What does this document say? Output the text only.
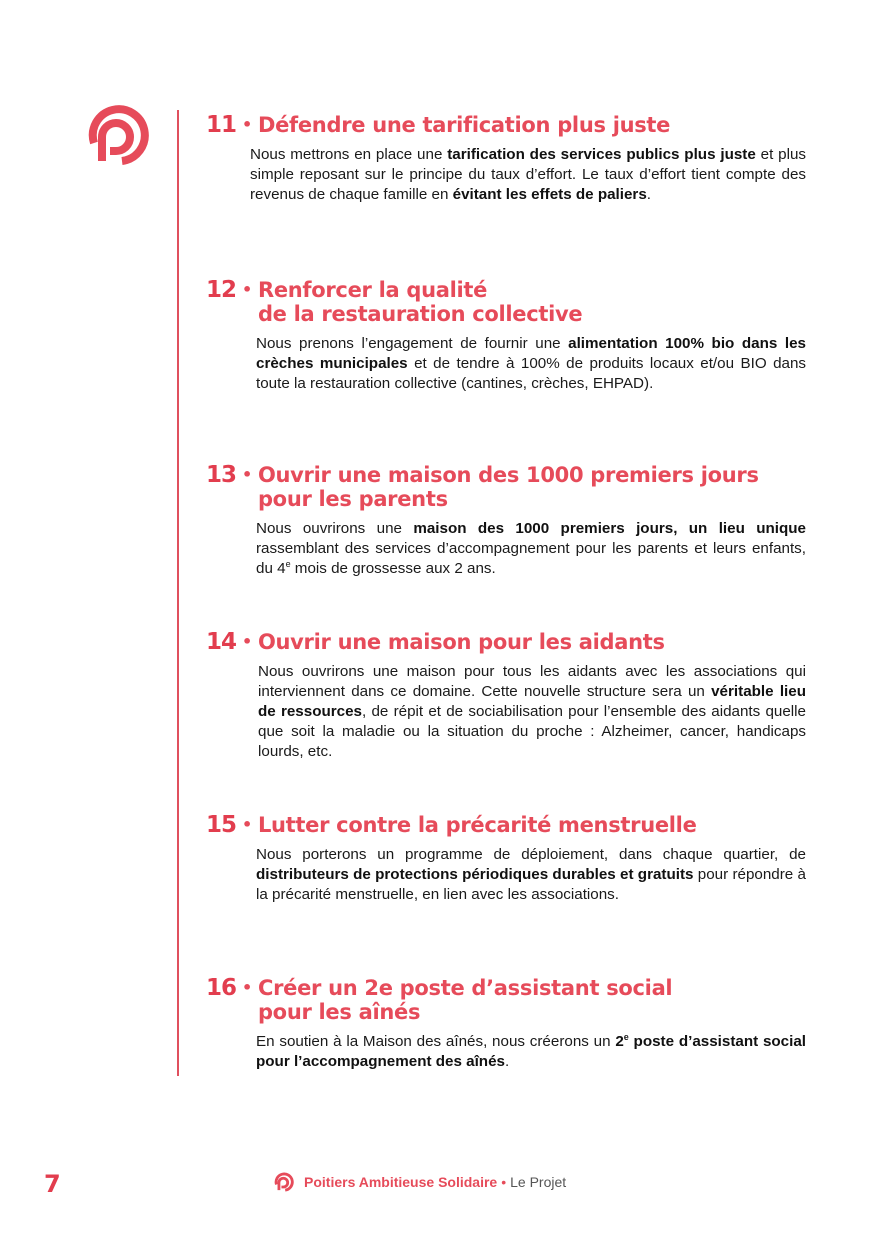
11 • Défendre une tarification plus juste
Nous mettrons en place une tarification des services publics plus juste et plus simple reposant sur le principe du taux d’effort. Le taux d’effort tient compte des revenus de chaque famille en évitant les effets de paliers.
12 • Renforcer la qualité
de la restauration collective
Nous prenons l’engagement de fournir une alimentation 100% bio dans les crèches municipales et de tendre à 100% de produits locaux et/ou BIO dans toute la restauration collective (cantines, crèches, EHPAD).
13 • Ouvrir une maison des 1000 premiers jours
pour les parents
Nous ouvrirons une maison des 1000 premiers jours, un lieu unique rassemblant des services d’accompagnement pour les parents et leurs enfants, du 4e mois de grossesse aux 2 ans.
14 • Ouvrir une maison pour les aidants
Nous ouvrirons une maison pour tous les aidants avec les associations qui interviennent dans ce domaine. Cette nouvelle structure sera un véritable lieu de ressources, de répit et de sociabilisation pour l’ensemble des aidants quelle que soit la maladie ou la situation du proche : Alzheimer, cancer, handicaps lourds, etc.
15 • Lutter contre la précarité menstruelle
Nous porterons un programme de déploiement, dans chaque quartier, de distributeurs de protections périodiques durables et gratuits pour répondre à la précarité menstruelle, en lien avec les associations.
16 • Créer un 2e poste d’assistant social
pour les aînés
En soutien à la Maison des aînés, nous créerons un 2e poste d’assistant social pour l’accompagnement des aînés.
7	Poitiers Ambitieuse Solidaire • Le Projet
